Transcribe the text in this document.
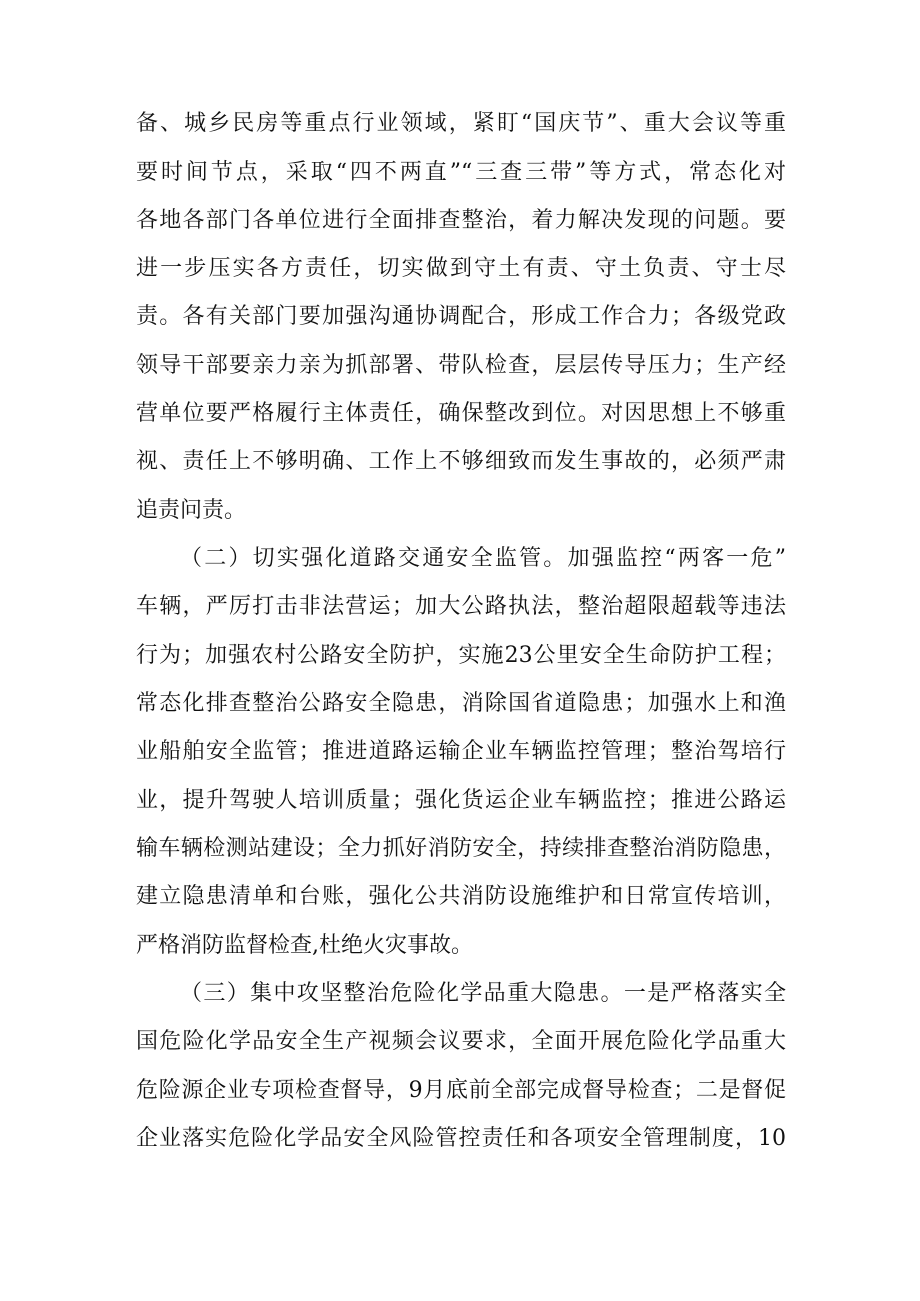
备、城乡民房等重点行业领域，紧盯“国庆节”、重大会议等重
要时间节点，采取“四不两直”“三查三带”等方式，常态化对
各地各部门各单位进行全面排查整治，着力解决发现的问题。要
进一步压实各方责任，切实做到守土有责、守土负责、守士尽
责。各有关部门要加强沟通协调配合，形成工作合力；各级党政
领导干部要亲力亲为抓部署、带队检查，层层传导压力；生产经
营单位要严格履行主体责任，确保整改到位。对因思想上不够重
视、责任上不够明确、工作上不够细致而发生事故的，必须严肃
追责问责。
（二）切实强化道路交通安全监管。加强监控“两客一危”
车辆，严厉打击非法营运；加大公路执法，整治超限超载等违法
行为；加强农村公路安全防护，实施23公里安全生命防护工程；
常态化排查整治公路安全隐患，消除国省道隐患；加强水上和渔
业船舶安全监管；推进道路运输企业车辆监控管理；整治驾培行
业，提升驾驶人培训质量；强化货运企业车辆监控；推进公路运
输车辆检测站建设；全力抓好消防安全，持续排查整治消防隐患，
建立隐患清单和台账，强化公共消防设施维护和日常宣传培训，
严格消防监督检查,杜绝火灾事故。
（三）集中攻坚整治危险化学品重大隐患。一是严格落实全
国危险化学品安全生产视频会议要求，全面开展危险化学品重大
危险源企业专项检查督导，9月底前全部完成督导检查；二是督促
企业落实危险化学品安全风险管控责任和各项安全管理制度，10
